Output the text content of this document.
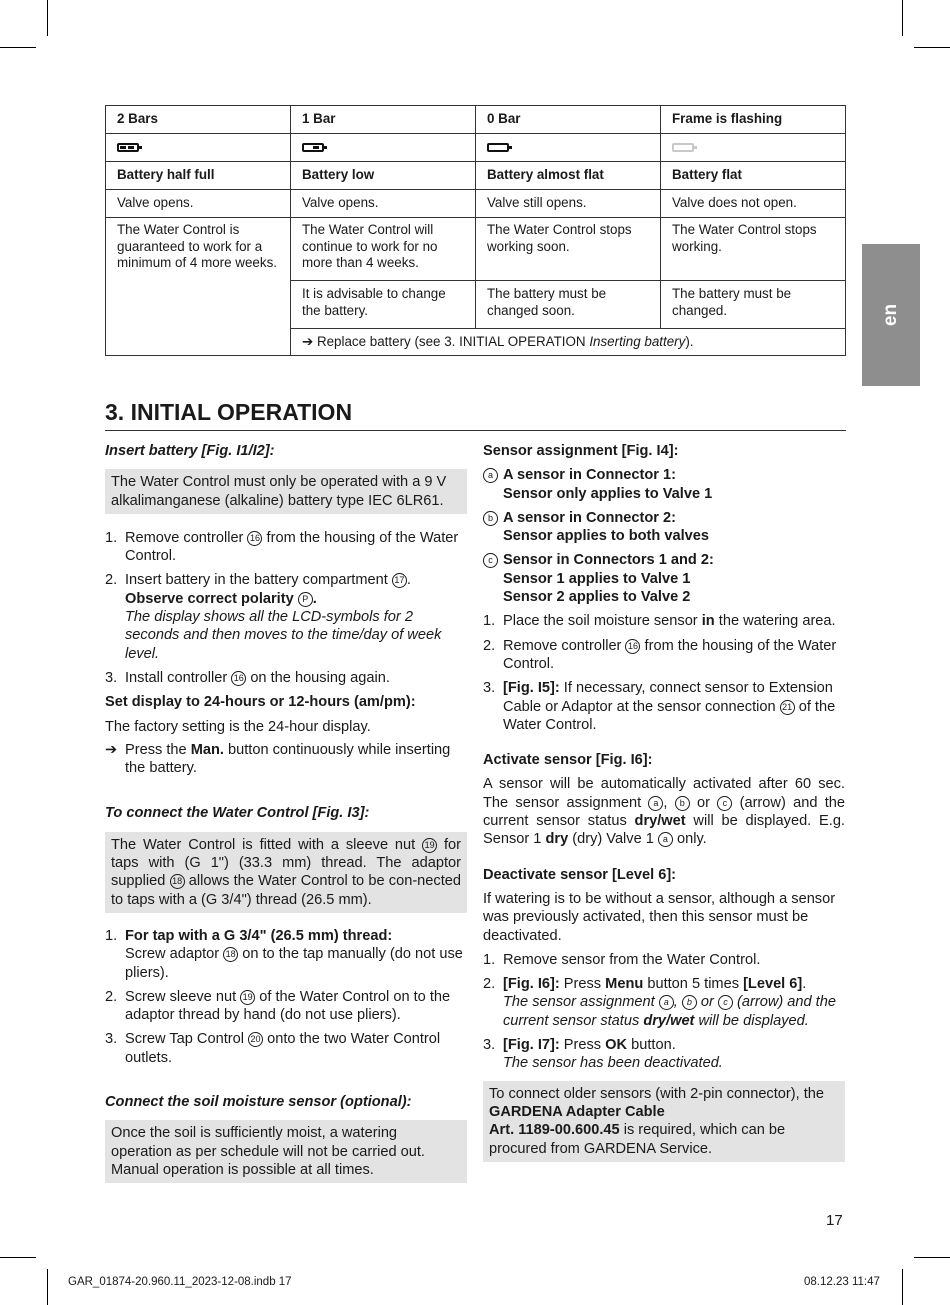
en
2 Bars	1 Bar	0 Bar	Frame is flashing

Battery half full	Battery low	Battery almost flat	Battery flat
Valve opens.	Valve opens.	Valve still opens.	Valve does not open.
The Water Control is guaranteed to work for a minimum of 4 more weeks.	The Water Control will continue to work for no more than 4 weeks.	The Water Control stops working soon.	The Water Control stops working.
	It is advisable to change the battery.	The battery must be changed soon.	The battery must be changed.
	➔ Replace battery (see 3. INITIAL OPERATION Inserting battery).		
3. INITIAL OPERATION

Insert battery [Fig. I1/I2]:

The Water Control must only be operated with a 9 V alkalimanganese (alkaline) battery type IEC 6LR61.
1. Remove controller 16 from the housing of the Water Control.
2. Insert battery in the battery compartment 17 .
Observe correct polarity P .
The display shows all the LCD-symbols for 2 seconds and then moves to the time/day of week level.
3. Install controller 16 on the housing again.

Set display to 24-hours or 12-hours (am/pm):

The factory setting is the 24-hour display.

➔ Press the Man. button continuously while inserting the battery.

To connect the Water Control [Fig. I3]:

The Water Control is fitted with a sleeve nut 19 for taps with (G 1") (33.3 mm) thread. The adaptor supplied 18 allows the Water Control to be con-nected to taps with a (G 3/4") thread (26.5 mm).
1. For tap with a G 3/4" (26.5 mm) thread:
Screw adaptor 18 on to the tap manually (do not use pliers).
2. Screw sleeve nut 19 of the Water Control on to the adaptor thread by hand (do not use pliers).
3. Screw Tap Control 20 onto the two Water Control outlets.

Connect the soil moisture sensor (optional):

Once the soil is sufficiently moist, a watering operation as per schedule will not be carried out. Manual operation is possible at all times.

Sensor assignment [Fig. I4]:

a A sensor in Connector 1:
Sensor only applies to Valve 1
b A sensor in Connector 2:
Sensor applies to both valves
c Sensor in Connectors 1 and 2:
Sensor 1 applies to Valve 1
Sensor 2 applies to Valve 2
1. Place the soil moisture sensor in the watering area.
2. Remove controller 16 from the housing of the Water Control.
3. [Fig. I5]: If necessary, connect sensor to Extension Cable or Adaptor at the sensor connection 21 of the Water Control.

Activate sensor [Fig. I6]:

A sensor will be automatically activated after 60 sec. The sensor assignment a , b or c (arrow) and the current sensor status dry/wet will be displayed. E.g. Sensor 1 dry (dry) Valve 1 a only.

Deactivate sensor [Level 6]:

If watering is to be without a sensor, although a sensor was previously activated, then this sensor must be deactivated.

1. Remove sensor from the Water Control.
2. [Fig. I6]: Press Menu button 5 times [Level 6].
The sensor assignment a , b or c (arrow) and the current sensor status dry/wet will be displayed.
3. [Fig. I7]: Press OK button.
The sensor has been deactivated.
To connect older sensors (with 2-pin connector), the GARDENA Adapter Cable
Art. 1189-00.600.45 is required, which can be procured from GARDENA Service.
17
GAR_01874-20.960.11_2023-12-08.indb 17	08.12.23 11:47
